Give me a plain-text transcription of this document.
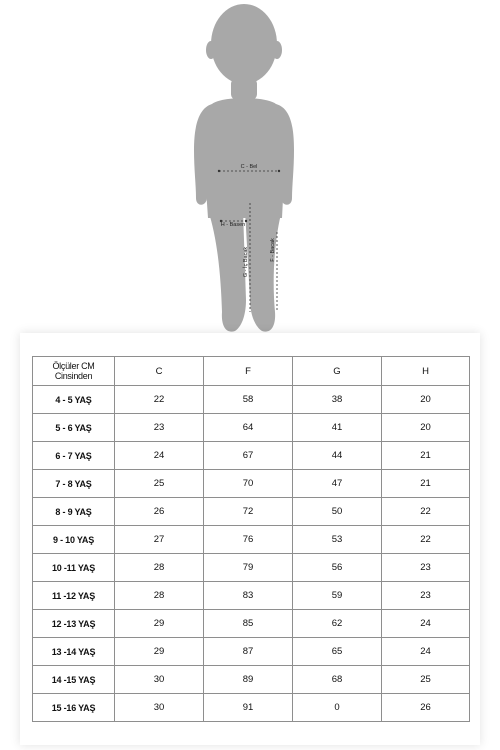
C - Bel
H - Basen
G - İç Bacak	F - Bacak
Ölçüler CM
Cinsinden	C	F	G	H
4 - 5 YAŞ	22	58	38	20
5 - 6 YAŞ	23	64	41	20
6 - 7 YAŞ	24	67	44	21
7 - 8 YAŞ	25	70	47	21
8 - 9 YAŞ	26	72	50	22
9 - 10 YAŞ	27	76	53	22
10 -11 YAŞ	28	79	56	23
11 -12 YAŞ	28	83	59	23
12 -13 YAŞ	29	85	62	24
13 -14 YAŞ	29	87	65	24
14 -15 YAŞ	30	89	68	25
15 -16 YAŞ	30	91	0	26
